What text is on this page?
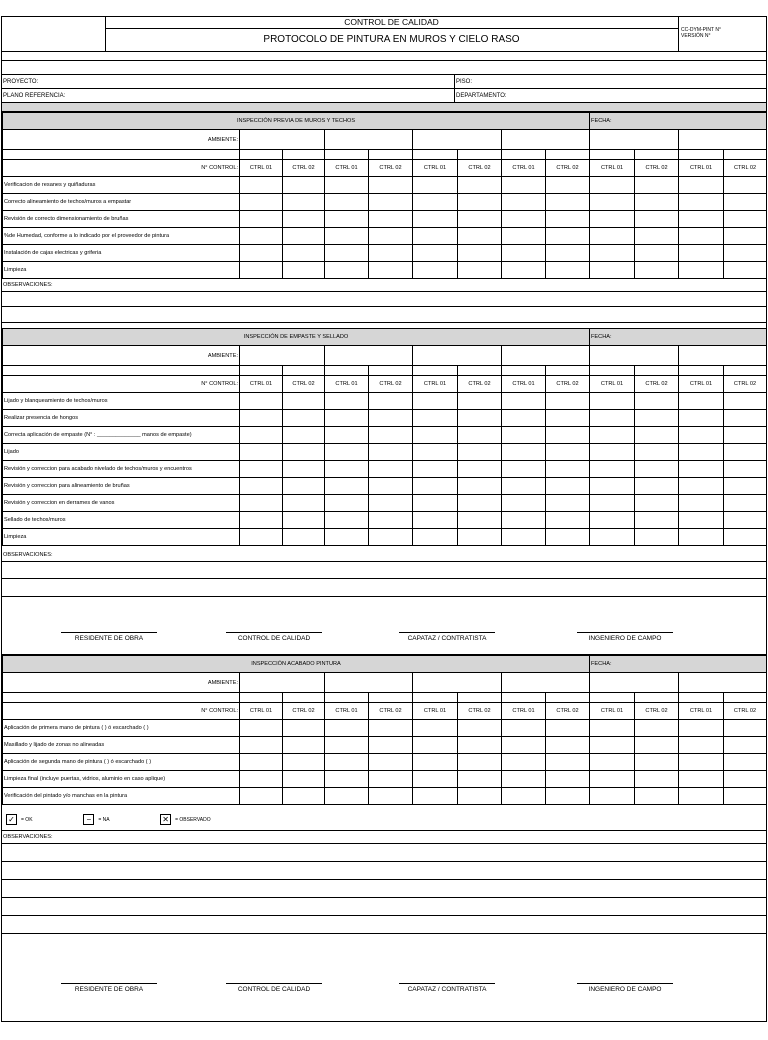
CONTROL DE CALIDAD
PROTOCOLO DE PINTURA EN MUROS Y CIELO RASO
CC-DYM-PINT N°
VERSIÓN N°
PROYECTO:	PISO:
PLANO REFERENCIA:	DEPARTAMENTO:
INSPECCIÓN PREVIA DE MUROS Y TECHOS									FECHA:			
AMBIENTE:												

N° CONTROL:	CTRL 01	CTRL 02	CTRL 01	CTRL 02	CTRL 01	CTRL 02	CTRL 01	CTRL 02	CTRL 01	CTRL 02	CTRL 01	CTRL 02
Verificacion de resanes y quiñaduras												
Correcto alineamiento de techos/muros a empastar												
Revisión de correcto dimensionamiento de bruñas												
%de Humedad, conforme a lo indicado por el proveedor de pintura												
Instalación de cajas electricas y griferia												
Limpieza												
OBSERVACIONES:
INSPECCIÓN DE EMPASTE Y SELLADO									FECHA:			
AMBIENTE:												

N° CONTROL:	CTRL 01	CTRL 02	CTRL 01	CTRL 02	CTRL 01	CTRL 02	CTRL 01	CTRL 02	CTRL 01	CTRL 02	CTRL 01	CTRL 02
Lijado y blanqueamiento de techos/muros												
Realizar presencia de hongos												
Correcta aplicación de empaste (N° : ______________ manos de empaste)												
Lijado												
Revisión y correccion para acabado nivelado de techos/muros y encuentros												
Revisión y correccion para alineamiento de bruñas												
Revisión y correccion en derrames de vanos												
Sellado de techos/muros												
Limpieza												
OBSERVACIONES:
RESIDENTE DE OBRA	CONTROL DE CALIDAD	CAPATAZ / CONTRATISTA	INGENIERO DE CAMPO
INSPECCIÓN ACABADO PINTURA									FECHA:			
AMBIENTE:												

N° CONTROL:	CTRL 01	CTRL 02	CTRL 01	CTRL 02	CTRL 01	CTRL 02	CTRL 01	CTRL 02	CTRL 01	CTRL 02	CTRL 01	CTRL 02
Aplicación de primera mano de pintura ( ) ó escarchado ( )												
Masillado y lijado de zonas no alineadas												
Aplicación de segunda mano de pintura ( ) ó escarchado ( )												
Limpieza final (incluye puertas, vidrios, aluminio en caso aplique)												
Verificación del pintado y/o manchas en la pintura												
✓ = OK	− = NA	✕ = OBSERVADO
OBSERVACIONES:
RESIDENTE DE OBRA	CONTROL DE CALIDAD	CAPATAZ / CONTRATISTA	INGENIERO DE CAMPO
